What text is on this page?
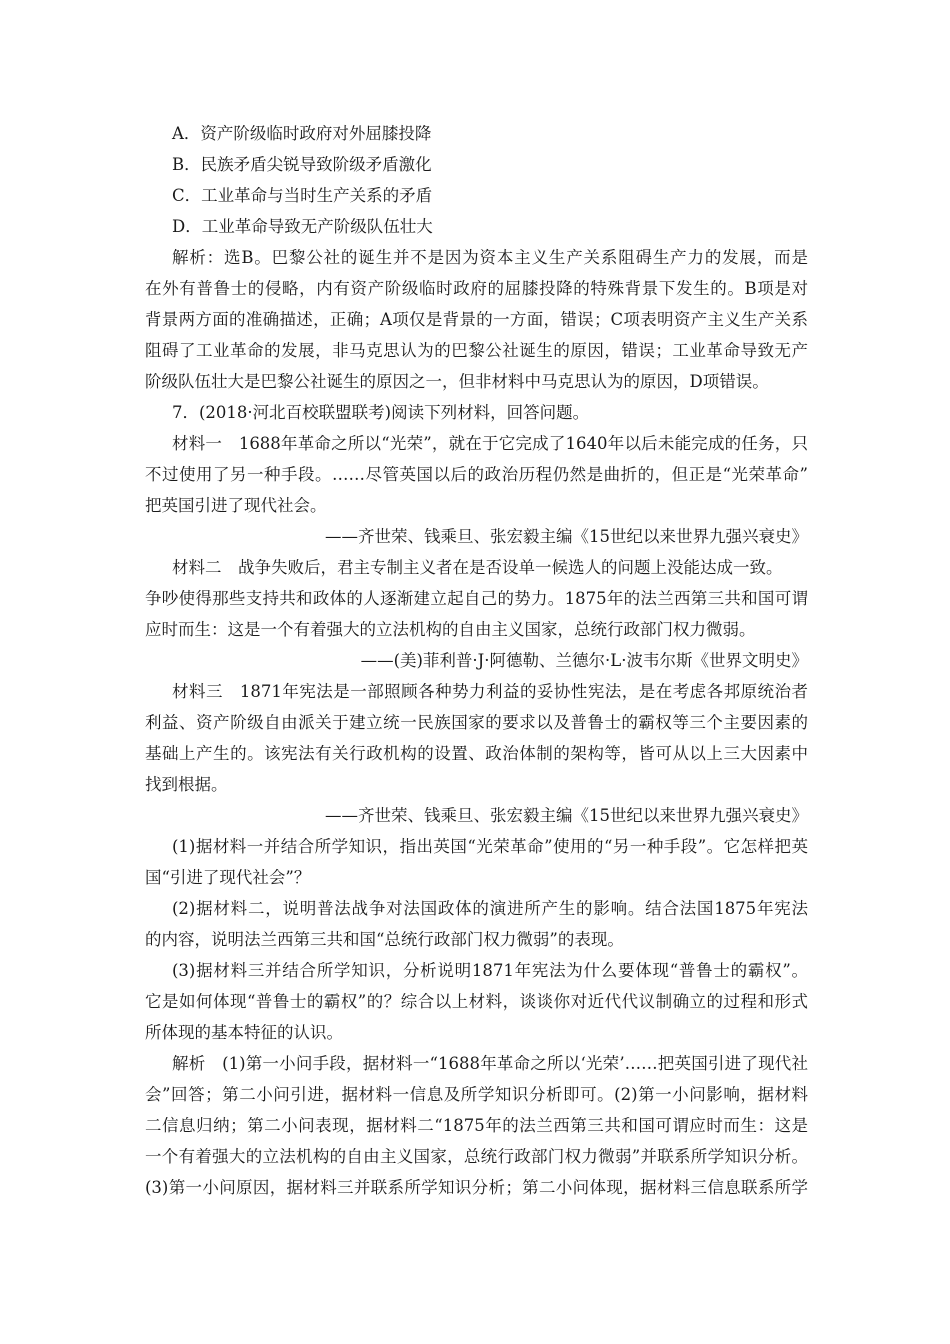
A．资产阶级临时政府对外屈膝投降
B．民族矛盾尖锐导致阶级矛盾激化
C．工业革命与当时生产关系的矛盾
D．工业革命导致无产阶级队伍壮大
解析：选B。巴黎公社的诞生并不是因为资本主义生产关系阻碍生产力的发展，而是
在外有普鲁士的侵略，内有资产阶级临时政府的屈膝投降的特殊背景下发生的。B项是对
背景两方面的准确描述，正确；A项仅是背景的一方面，错误；C项表明资产主义生产关系
阻碍了工业革命的发展，非马克思认为的巴黎公社诞生的原因，错误；工业革命导致无产
阶级队伍壮大是巴黎公社诞生的原因之一，但非材料中马克思认为的原因，D项错误。
7．(2018·河北百校联盟联考)阅读下列材料，回答问题。
材料一　1688年革命之所以“光荣”，就在于它完成了1640年以后未能完成的任务，只
不过使用了另一种手段。……尽管英国以后的政治历程仍然是曲折的，但正是“光荣革命”
把英国引进了现代社会。
——齐世荣、钱乘旦、张宏毅主编《15世纪以来世界九强兴衰史》
材料二　战争失败后，君主专制主义者在是否设单一候选人的问题上没能达成一致。
争吵使得那些支持共和政体的人逐渐建立起自己的势力。1875年的法兰西第三共和国可谓
应时而生：这是一个有着强大的立法机构的自由主义国家，总统行政部门权力微弱。
——(美)菲利普·J·阿德勒、兰德尔·L·波韦尔斯《世界文明史》
材料三　1871年宪法是一部照顾各种势力利益的妥协性宪法，是在考虑各邦原统治者
利益、资产阶级自由派关于建立统一民族国家的要求以及普鲁士的霸权等三个主要因素的
基础上产生的。该宪法有关行政机构的设置、政治体制的架构等，皆可从以上三大因素中
找到根据。
——齐世荣、钱乘旦、张宏毅主编《15世纪以来世界九强兴衰史》
(1)据材料一并结合所学知识，指出英国“光荣革命”使用的“另一种手段”。它怎样把英
国“引进了现代社会”？
(2)据材料二，说明普法战争对法国政体的演进所产生的影响。结合法国1875年宪法
的内容，说明法兰西第三共和国“总统行政部门权力微弱”的表现。
(3)据材料三并结合所学知识，分析说明1871年宪法为什么要体现“普鲁士的霸权”。
它是如何体现“普鲁士的霸权”的？综合以上材料，谈谈你对近代代议制确立的过程和形式
所体现的基本特征的认识。
解析　(1)第一小问手段，据材料一“1688年革命之所以‘光荣’……把英国引进了现代社
会”回答；第二小问引进，据材料一信息及所学知识分析即可。(2)第一小问影响，据材料
二信息归纳；第二小问表现，据材料二“1875年的法兰西第三共和国可谓应时而生：这是
一个有着强大的立法机构的自由主义国家，总统行政部门权力微弱”并联系所学知识分析。
(3)第一小问原因，据材料三并联系所学知识分析；第二小问体现，据材料三信息联系所学
